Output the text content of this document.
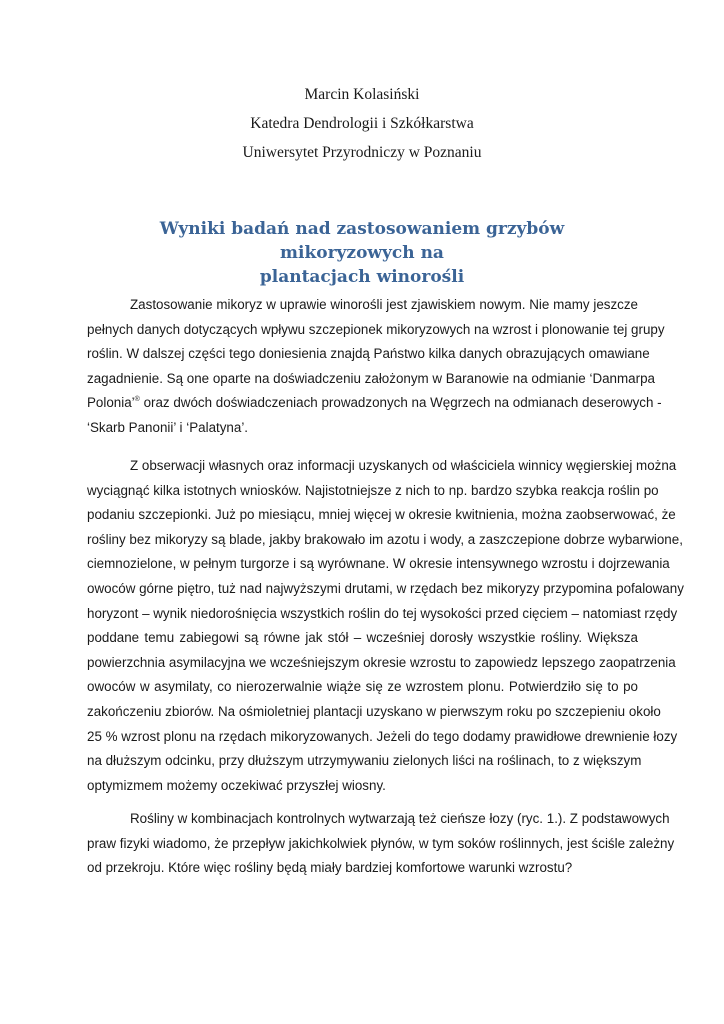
Marcin Kolasiński
Katedra Dendrologii i Szkółkarstwa
Uniwersytet Przyrodniczy w Poznaniu
Wyniki badań nad zastosowaniem grzybów mikoryzowych na
plantacjach winorośli
Zastosowanie mikoryz w uprawie winorośli jest zjawiskiem nowym. Nie mamy jeszcze
pełnych danych dotyczących wpływu szczepionek mikoryzowych na wzrost i plonowanie tej grupy
roślin. W dalszej części tego doniesienia znajdą Państwo kilka danych obrazujących omawiane
zagadnienie. Są one oparte na doświadczeniu założonym w Baranowie na odmianie ‘Danmarpa
Polonia’® oraz dwóch doświadczeniach prowadzonych na Węgrzech na odmianach deserowych -
‘Skarb Panonii’ i ‘Palatyna’.
Z obserwacji własnych oraz informacji uzyskanych od właściciela winnicy węgierskiej można
wyciągnąć kilka istotnych wniosków. Najistotniejsze z nich to np. bardzo szybka reakcja roślin po
podaniu szczepionki. Już po miesiącu, mniej więcej w okresie kwitnienia, można zaobserwować, że
rośliny bez mikoryzy są blade, jakby brakowało im azotu i wody, a zaszczepione dobrze wybarwione,
ciemnozielone, w pełnym turgorze i są wyrównane. W okresie intensywnego wzrostu i dojrzewania
owoców górne piętro, tuż nad najwyższymi drutami, w rzędach bez mikoryzy przypomina pofalowany
horyzont – wynik niedorośnięcia wszystkich roślin do tej wysokości przed cięciem – natomiast rzędy
poddane temu zabiegowi są równe jak stół – wcześniej dorosły wszystkie rośliny. Większa
powierzchnia asymilacyjna we wcześniejszym okresie wzrostu to zapowiedz lepszego zaopatrzenia
owoców w asymilaty, co nierozerwalnie wiąże się ze wzrostem plonu. Potwierdziło się to po
zakończeniu zbiorów. Na ośmioletniej plantacji uzyskano w pierwszym roku po szczepieniu około
25 % wzrost plonu na rzędach mikoryzowanych. Jeżeli do tego dodamy prawidłowe drewnienie łozy
na dłuższym odcinku, przy dłuższym utrzymywaniu zielonych liści na roślinach, to z większym
optymizmem możemy oczekiwać przyszłej wiosny.
Rośliny w kombinacjach kontrolnych wytwarzają też cieńsze łozy (ryc. 1.). Z podstawowych
praw fizyki wiadomo, że przepływ jakichkolwiek płynów, w tym soków roślinnych, jest ściśle zależny
od przekroju. Które więc rośliny będą miały bardziej komfortowe warunki wzrostu?
